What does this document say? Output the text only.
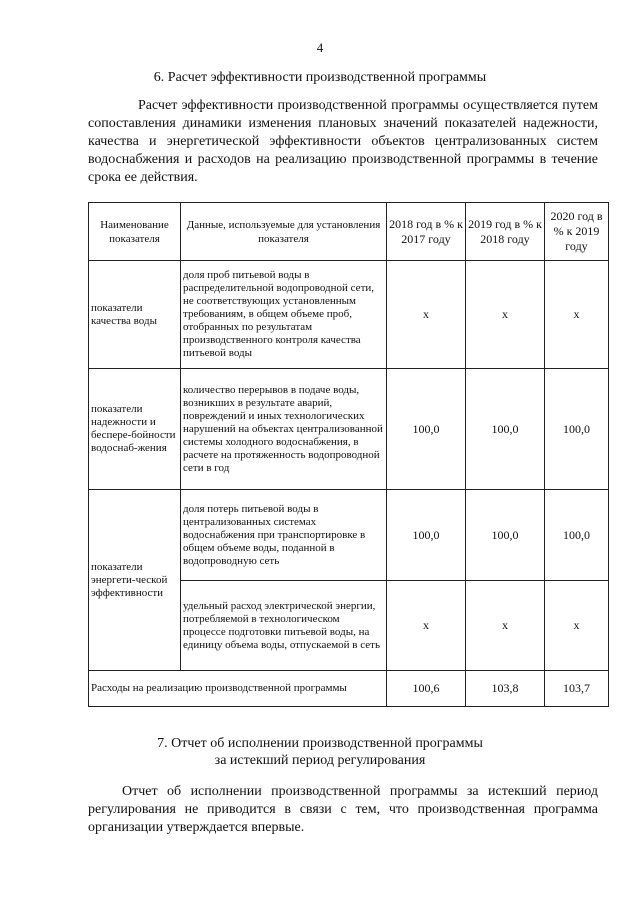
4
6. Расчет эффективности производственной программы
Расчет эффективности производственной программы осуществляется путем сопоставления динамики изменения плановых значений показателей надежности, качества и энергетической эффективности объектов централизованных систем водоснабжения и расходов на реализацию производственной программы в течение срока ее действия.
Наименование показателя	Данные, используемые для установления показателя	2018 год в % к 2017 году	2019 год в % к 2018 году	2020 год в % к 2019 году
показатели качества воды	доля проб питьевой воды в распределительной водопроводной сети, не соответствующих установленным требованиям, в общем объеме проб, отобранных по результатам производственного контроля качества питьевой воды	х	х	х
показатели надежности и беспере-бойности водоснаб-жения	количество перерывов в подаче воды, возникших в результате аварий, повреждений и иных технологических нарушений на объектах централизованной системы холодного водоснабжения, в расчете на протяженность водопроводной сети в год	100,0	100,0	100,0
показатели энергети-ческой эффективности	доля потерь питьевой воды в централизованных системах водоснабжения при транспортировке в общем объеме воды, поданной в водопроводную сеть	100,0	100,0	100,0
	удельный расход электрической энергии, потребляемой в технологическом процессе подготовки питьевой воды, на единицу объема воды, отпускаемой в сеть	х	х	х
Расходы на реализацию производственной программы		100,6	103,8	103,7
7. Отчет об исполнении производственной программы
за истекший период регулирования
Отчет об исполнении производственной программы за истекший период регулирования не приводится в связи с тем, что производственная программа организации утверждается впервые.
